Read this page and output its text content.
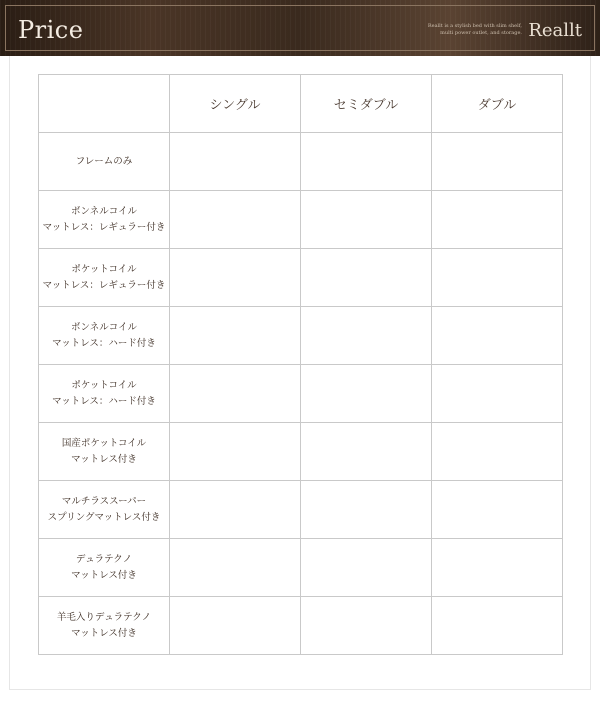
Price	Reallt is a stylish bed with slim shelf,
multi power outlet, and storage. Reallt
	シングル	セミダブル	ダブル

フレームのみ			

ボンネルコイル
マットレス：レギュラー付き			

ポケットコイル
マットレス：レギュラー付き			

ボンネルコイル
マットレス：ハード付き			

ポケットコイル
マットレス：ハード付き			

国産ポケットコイル
マットレス付き			

マルチラススーパー
スプリングマットレス付き			

デュラテクノ
マットレス付き			

羊毛入りデュラテクノ
マットレス付き			
